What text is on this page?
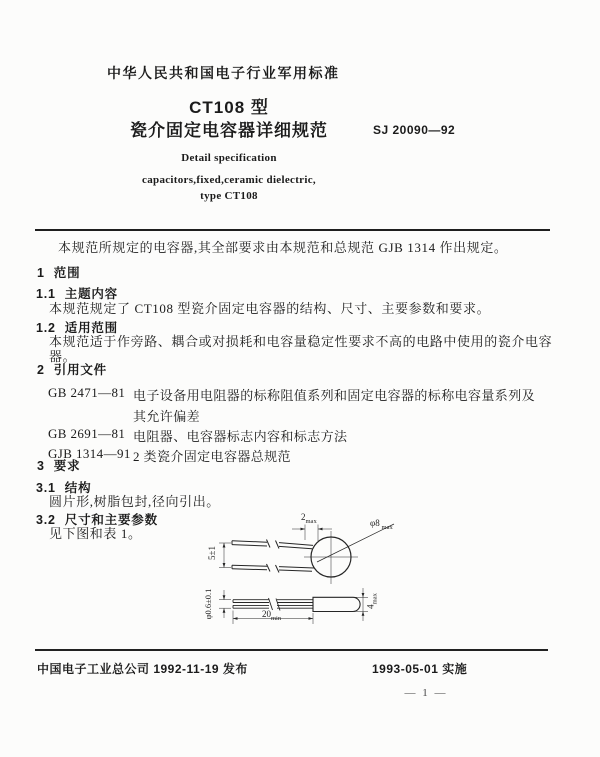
中华人民共和国电子行业军用标准
CT108 型
瓷介固定电容器详细规范	SJ 20090—92
Detail specification
capacitors,fixed,ceramic dielectric,
type CT108
本规范所规定的电容器,其全部要求由本规范和总规范 GJB 1314 作出规定。
1 范围
1.1 主题内容
本规范规定了 CT108 型瓷介固定电容器的结构、尺寸、主要参数和要求。
1.2 适用范围
本规范适于作旁路、耦合或对损耗和电容量稳定性要求不高的电路中使用的瓷介电容器。
2 引用文件
GB 2471—81 电子设备用电阻器的标称阻值系列和固定电容器的标称电容量系列及
其允许偏差
GB 2691—81 电阻器、电容器标志内容和标志方法
GJB 1314—91 2 类瓷介固定电容器总规范
3 要求
3.1 结构
圆片形,树脂包封,径向引出。
3.2 尺寸和主要参数
见下图和表 1。
$2_{max}$	φ8  $_{max}$
5±1
φ0.6±0.1	$20_{min}$
$4_{max}$
中国电子工业总公司 1992-11-19 发布	1993-05-01 实施
— 1 —
